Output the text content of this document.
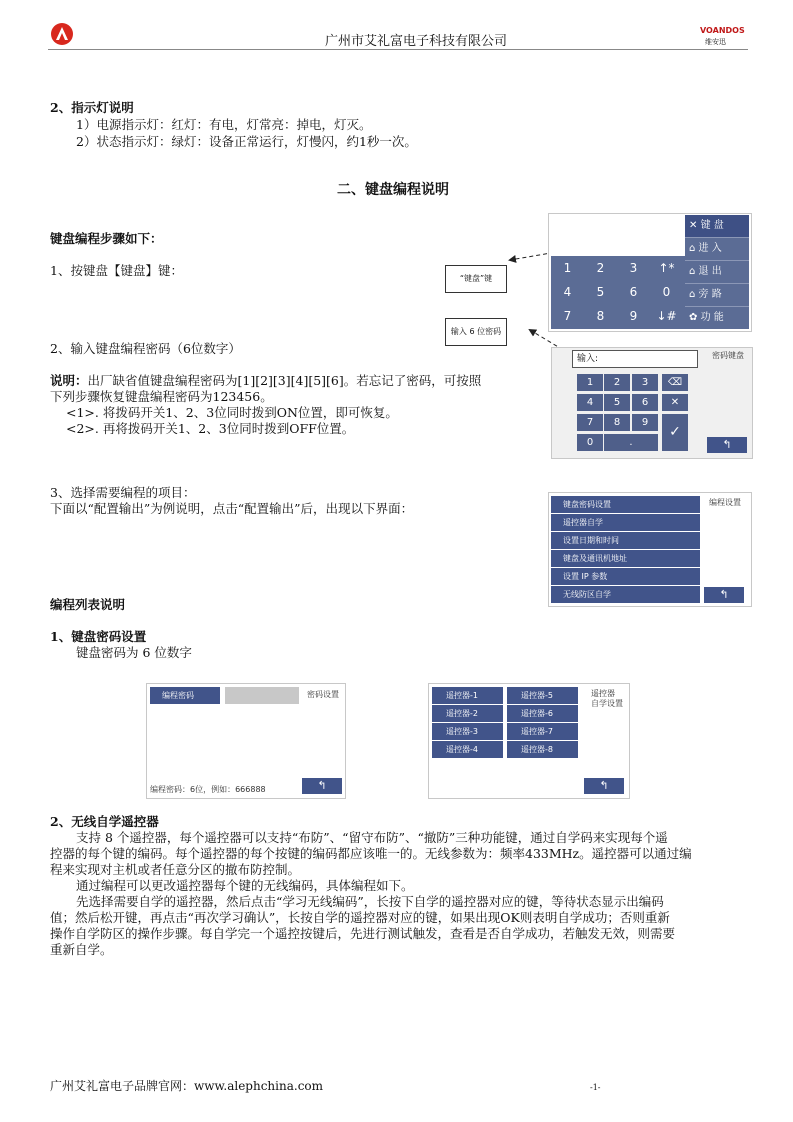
广州市艾礼富电子科技有限公司
VOANDOS
维安迅
2、指示灯说明
1）电源指示灯：红灯：有电，灯常亮：掉电，灯灭。
2）状态指示灯：绿灯：设备正常运行，灯慢闪，约1秒一次。
二、键盘编程说明
键盘编程步骤如下：
1、按键盘【键盘】键：
2、输入键盘编程密码（6位数字）
说明：出厂缺省值键盘编程密码为[1][2][3][4][5][6]。若忘记了密码，可按照
下列步骤恢复键盘编程密码为123456。
<1>. 将拨码开关1、2、3位同时拨到ON位置，即可恢复。
<2>. 再将拨码开关1、2、3位同时拨到OFF位置。
3、选择需要编程的项目：
下面以“配置输出”为例说明，点击“配置输出”后，出现以下界面：
“键盘”键
输入 6 位密码
1	2	3	↑*
4	5	6	0
7	8	9	↓#
✕ 键 盘
⌂ 进 入
⌂ 退 出
⌂ 旁 路
✿ 功 能
输入:	密码键盘
1	2	3	⌫
4	5	6	✕
7	8	9
✓
0	.	↰
编程设置
键盘密码设置
遥控器自学
设置日期和时间
键盘及通讯机地址
设置 IP 参数
无线防区自学	↰
编程列表说明
1、键盘密码设置
键盘密码为 6 位数字
编程密码	密码设置
编程密码：6位，例如：666888	↰
遥控器-1	遥控器-5
遥控器-2	遥控器-6
遥控器-3	遥控器-7
遥控器-4	遥控器-8
遥控器
自学设置
↰
2、无线自学遥控器
支持 8 个遥控器，每个遥控器可以支持“布防”、“留守布防”、“撤防”三种功能键，通过自学码来实现每个遥
控器的每个键的编码。每个遥控器的每个按键的编码都应该唯一的。无线参数为：频率433MHz。遥控器可以通过编
程来实现对主机或者任意分区的撤布防控制。
通过编程可以更改遥控器每个键的无线编码，具体编程如下。
先选择需要自学的遥控器，然后点击“学习无线编码”，长按下自学的遥控器对应的键，等待状态显示出编码
值；然后松开键，再点击“再次学习确认”，长按自学的遥控器对应的键，如果出现OK则表明自学成功；否则重新
操作自学防区的操作步骤。每自学完一个遥控按键后，先进行测试触发，查看是否自学成功，若触发无效，则需要
重新自学。
广州艾礼富电子品牌官网：www.alephchina.com	-1-
